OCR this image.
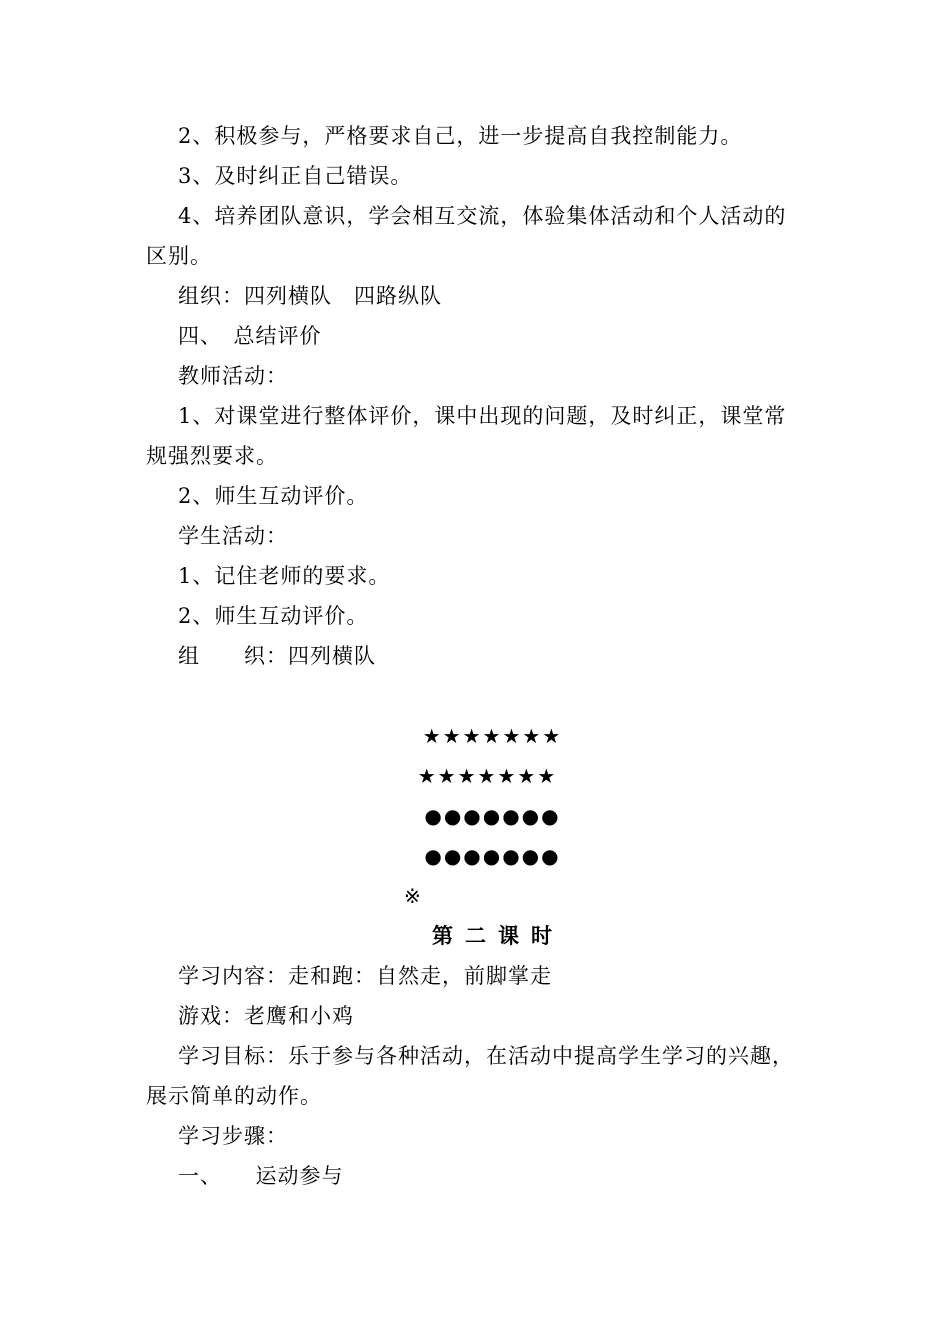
2、积极参与，严格要求自己，进一步提高自我控制能力。
3、及时纠正自己错误。
4、培养团队意识，学会相互交流，体验集体活动和个人活动的
区别。
组织：四列横队　四路纵队
四、　总结评价
教师活动：
1、对课堂进行整体评价，课中出现的问题，及时纠正，课堂常
规强烈要求。
2、师生互动评价。
学生活动：
1、记住老师的要求。
2、师生互动评价。
组　　织：四列横队
★★★★★★★
★★★★★★★
●●●●●●●
●●●●●●●
※
第二课时
学习内容：走和跑：自然走，前脚掌走
游戏：老鹰和小鸡
学习目标：乐于参与各种活动，在活动中提高学生学习的兴趣，
展示简单的动作。
学习步骤：
一、　　运动参与
